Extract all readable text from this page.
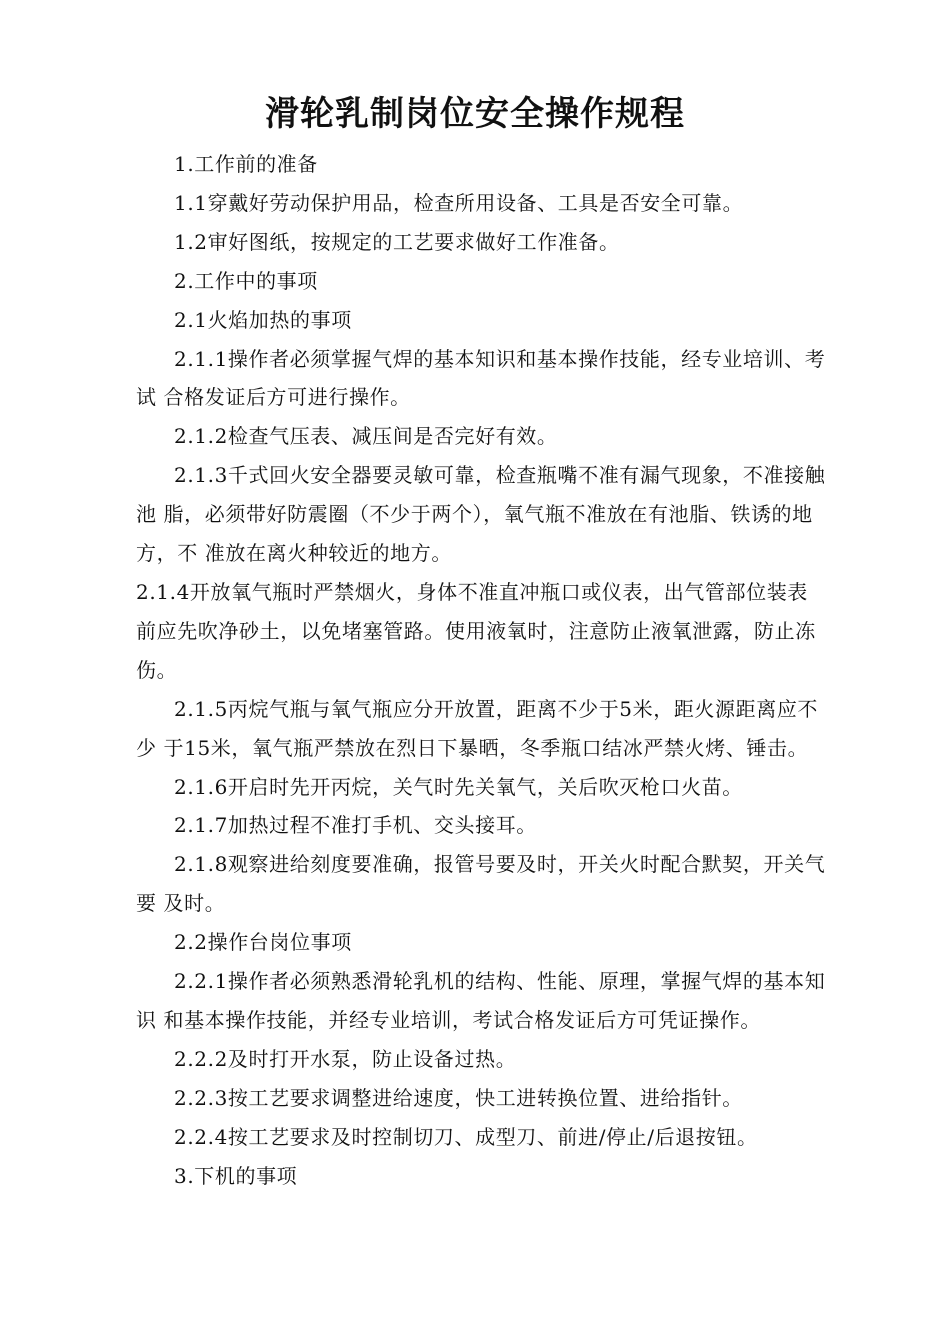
滑轮乳制岗位安全操作规程

1.工作前的准备

1.1穿戴好劳动保护用品，检查所用设备、工具是否安全可靠。

1.2审好图纸，按规定的工艺要求做好工作准备。

2.工作中的事项

2.1火焰加热的事项

2.1.1操作者必须掌握气焊的基本知识和基本操作技能，经专业培训、考试 合格发证后方可进行操作。

2.1.2检查气压表、减压间是否完好有效。

2.1.3千式回火安全器要灵敏可靠，检查瓶嘴不准有漏气现象，不准接触池 脂，必须带好防震圈（不少于两个），氧气瓶不准放在有池脂、铁诱的地方，不 准放在离火种较近的地方。

2.1.4开放氧气瓶时严禁烟火，身体不准直冲瓶口或仪表，出气管部位装表 前应先吹净砂土，以免堵塞管路。使用液氧时，注意防止液氧泄露，防止冻伤。

2.1.5丙烷气瓶与氧气瓶应分开放置，距离不少于5米，距火源距离应不少 于15米，氧气瓶严禁放在烈日下暴晒，冬季瓶口结冰严禁火烤、锤击。

2.1.6开启时先开丙烷，关气时先关氧气，关后吹灭枪口火苗。

2.1.7加热过程不准打手机、交头接耳。

2.1.8观察进给刻度要准确，报管号要及时，开关火时配合默契，开关气要 及时。

2.2操作台岗位事项

2.2.1操作者必须熟悉滑轮乳机的结构、性能、原理，掌握气焊的基本知识 和基本操作技能，并经专业培训，考试合格发证后方可凭证操作。

2.2.2及时打开水泵，防止设备过热。

2.2.3按工艺要求调整进给速度，快工进转换位置、进给指针。

2.2.4按工艺要求及时控制切刀、成型刀、前进/停止/后退按钮。

3.下机的事项
